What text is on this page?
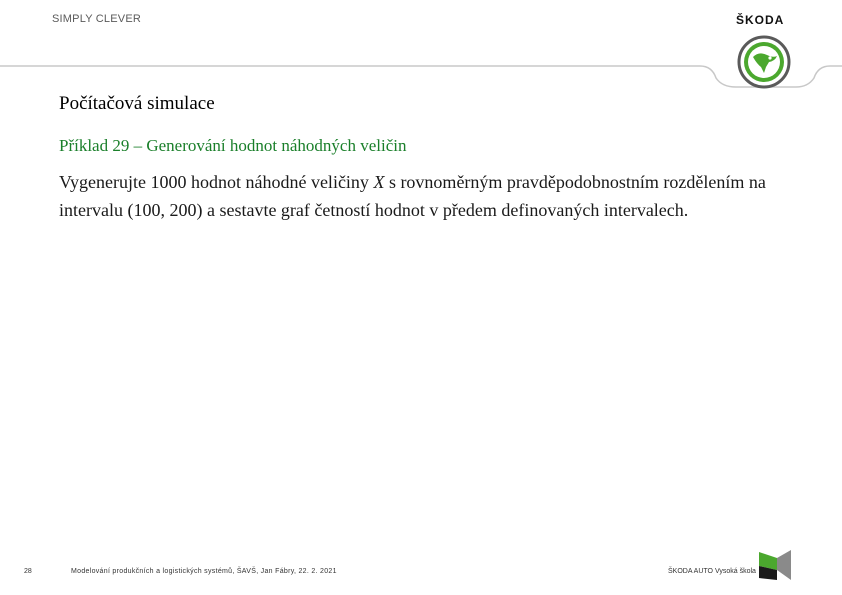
SIMPLY CLEVER	ŠKODA
Počítačová simulace
Příklad 29 – Generování hodnot náhodných veličin

Vygenerujte 1000 hodnot náhodné veličiny X s rovnoměrným pravděpodobnostním rozdělením na intervalu (100, 200) a sestavte graf četností hodnot v předem definovaných intervalech.

28	Modelování produkčních a logistických systémů, ŠAVŠ, Jan Fábry, 22. 2. 2021	ŠKODA AUTO Vysoká škola
